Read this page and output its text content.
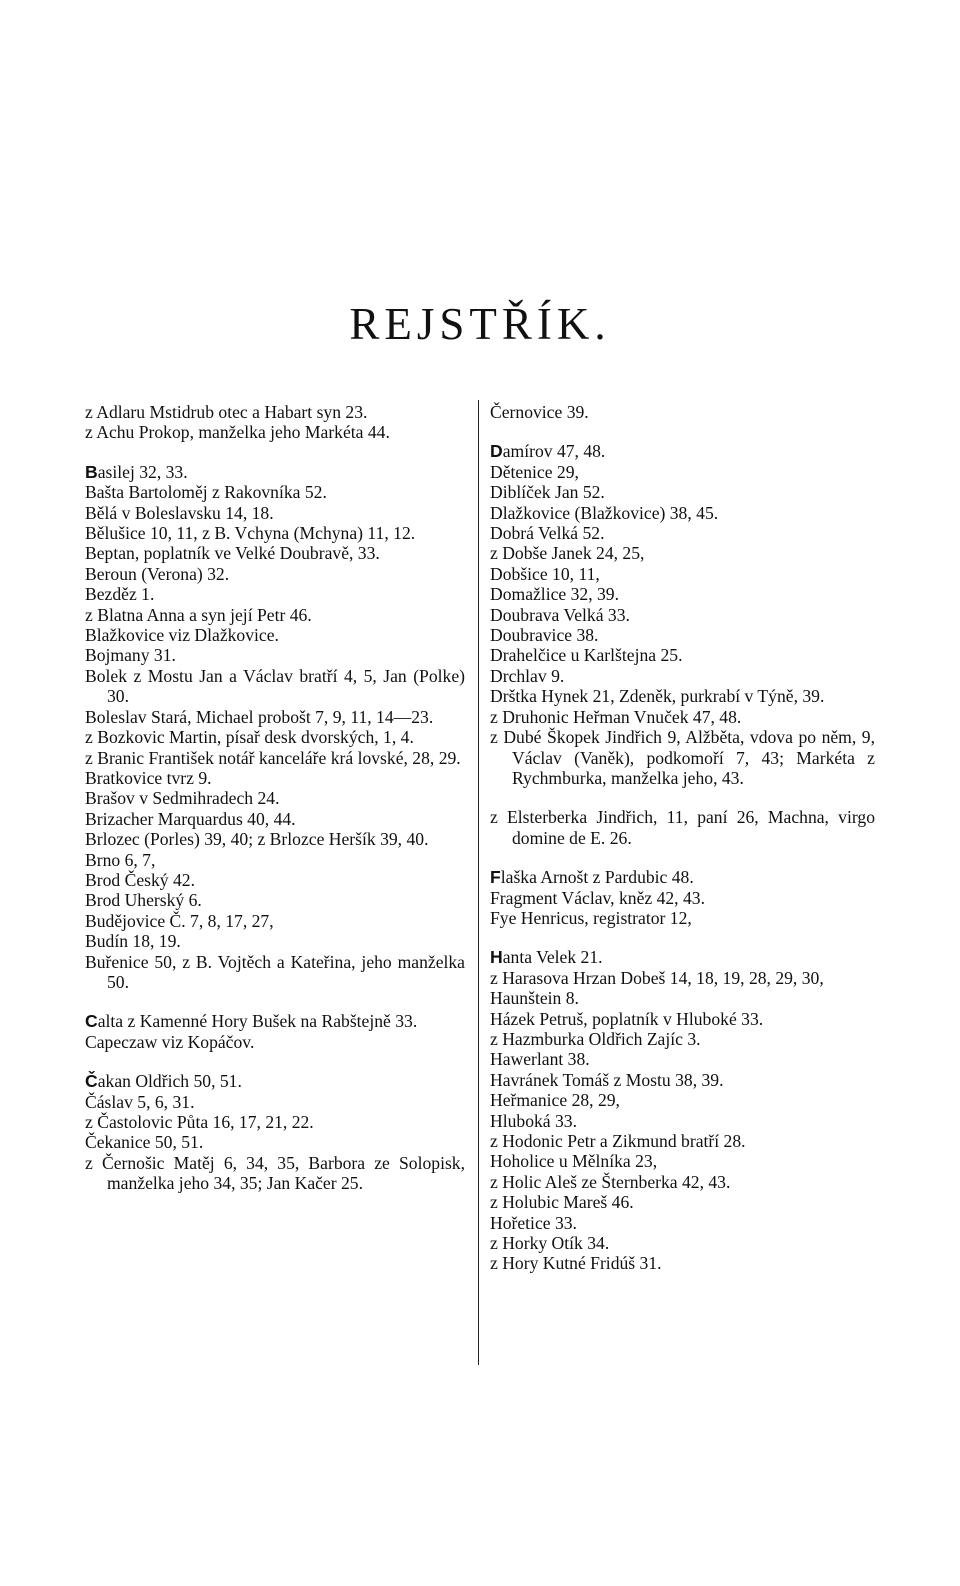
REJSTŘÍK.

z Adlaru Mstidrub otec a Habart syn 23.

z Achu Prokop, manželka jeho Markéta 44.

Basilej 32, 33.

Bašta Bartoloměj z Rakovníka 52.

Bělá v Boleslavsku 14, 18.

Bělušice 10, 11, z B. Vchyna (Mchyna) 11, 12.

Beptan, poplatník ve Velké Doubravě, 33.

Beroun (Verona) 32.

Bezděz 1.

z Blatna Anna a syn její Petr 46.

Blažkovice viz Dlažkovice.

Bojmany 31.

Bolek z Mostu Jan a Václav bratří 4, 5, Jan (Polke) 30.

Boleslav Stará, Michael probošt 7, 9, 11, 14—23.

z Bozkovic Martin, písař desk dvorských, 1, 4.

z Branic František notář kanceláře krá lovské, 28, 29.

Bratkovice tvrz 9.

Brašov v Sedmihradech 24.

Brizacher Marquardus 40, 44.

Brlozec (Porles) 39, 40; z Brlozce Heršík 39, 40.

Brno 6, 7,

Brod Český 42.

Brod Uherský 6.

Budějovice Č. 7, 8, 17, 27,

Budín 18, 19.

Buřenice 50, z B. Vojtěch a Kateřina, jeho manželka 50.

Calta z Kamenné Hory Bušek na Rabštejně 33.

Capeczaw viz Kopáčov.

Čakan Oldřich 50, 51.

Čáslav 5, 6, 31.

z Častolovic Půta 16, 17, 21, 22.

Čekanice 50, 51.

z Černošic Matěj 6, 34, 35, Barbora ze Solopisk, manželka jeho 34, 35; Jan Kačer 25.

Černovice 39.

Damírov 47, 48.

Dětenice 29,

Diblíček Jan 52.

Dlažkovice (Blažkovice) 38, 45.

Dobrá Velká 52.

z Dobše Janek 24, 25,

Dobšice 10, 11,

Domažlice 32, 39.

Doubrava Velká 33.

Doubravice 38.

Drahelčice u Karlštejna 25.

Drchlav 9.

Drštka Hynek 21, Zdeněk, purkrabí v Týně, 39.

z Druhonic Heřman Vnuček 47, 48.

z Dubé Škopek Jindřich 9, Alžběta, vdova po něm, 9, Václav (Vaněk), podkomoří 7, 43; Markéta z Rychmburka, manželka jeho, 43.

z Elsterberka Jindřich, 11, paní 26, Machna, virgo domine de E. 26.

Flaška Arnošt z Pardubic 48.

Fragment Václav, kněz 42, 43.

Fye Henricus, registrator 12,

Hanta Velek 21.

z Harasova Hrzan Dobeš 14, 18, 19, 28, 29, 30,

Haunštein 8.

Házek Petruš, poplatník v Hluboké 33.

z Hazmburka Oldřich Zajíc 3.

Hawerlant 38.

Havránek Tomáš z Mostu 38, 39.

Heřmanice 28, 29,

Hluboká 33.

z Hodonic Petr a Zikmund bratří 28.

Hoholice u Mělníka 23,

z Holic Aleš ze Šternberka 42, 43.

z Holubic Mareš 46.

Hořetice 33.

z Horky Otík 34.

z Hory Kutné Fridúš 31.
